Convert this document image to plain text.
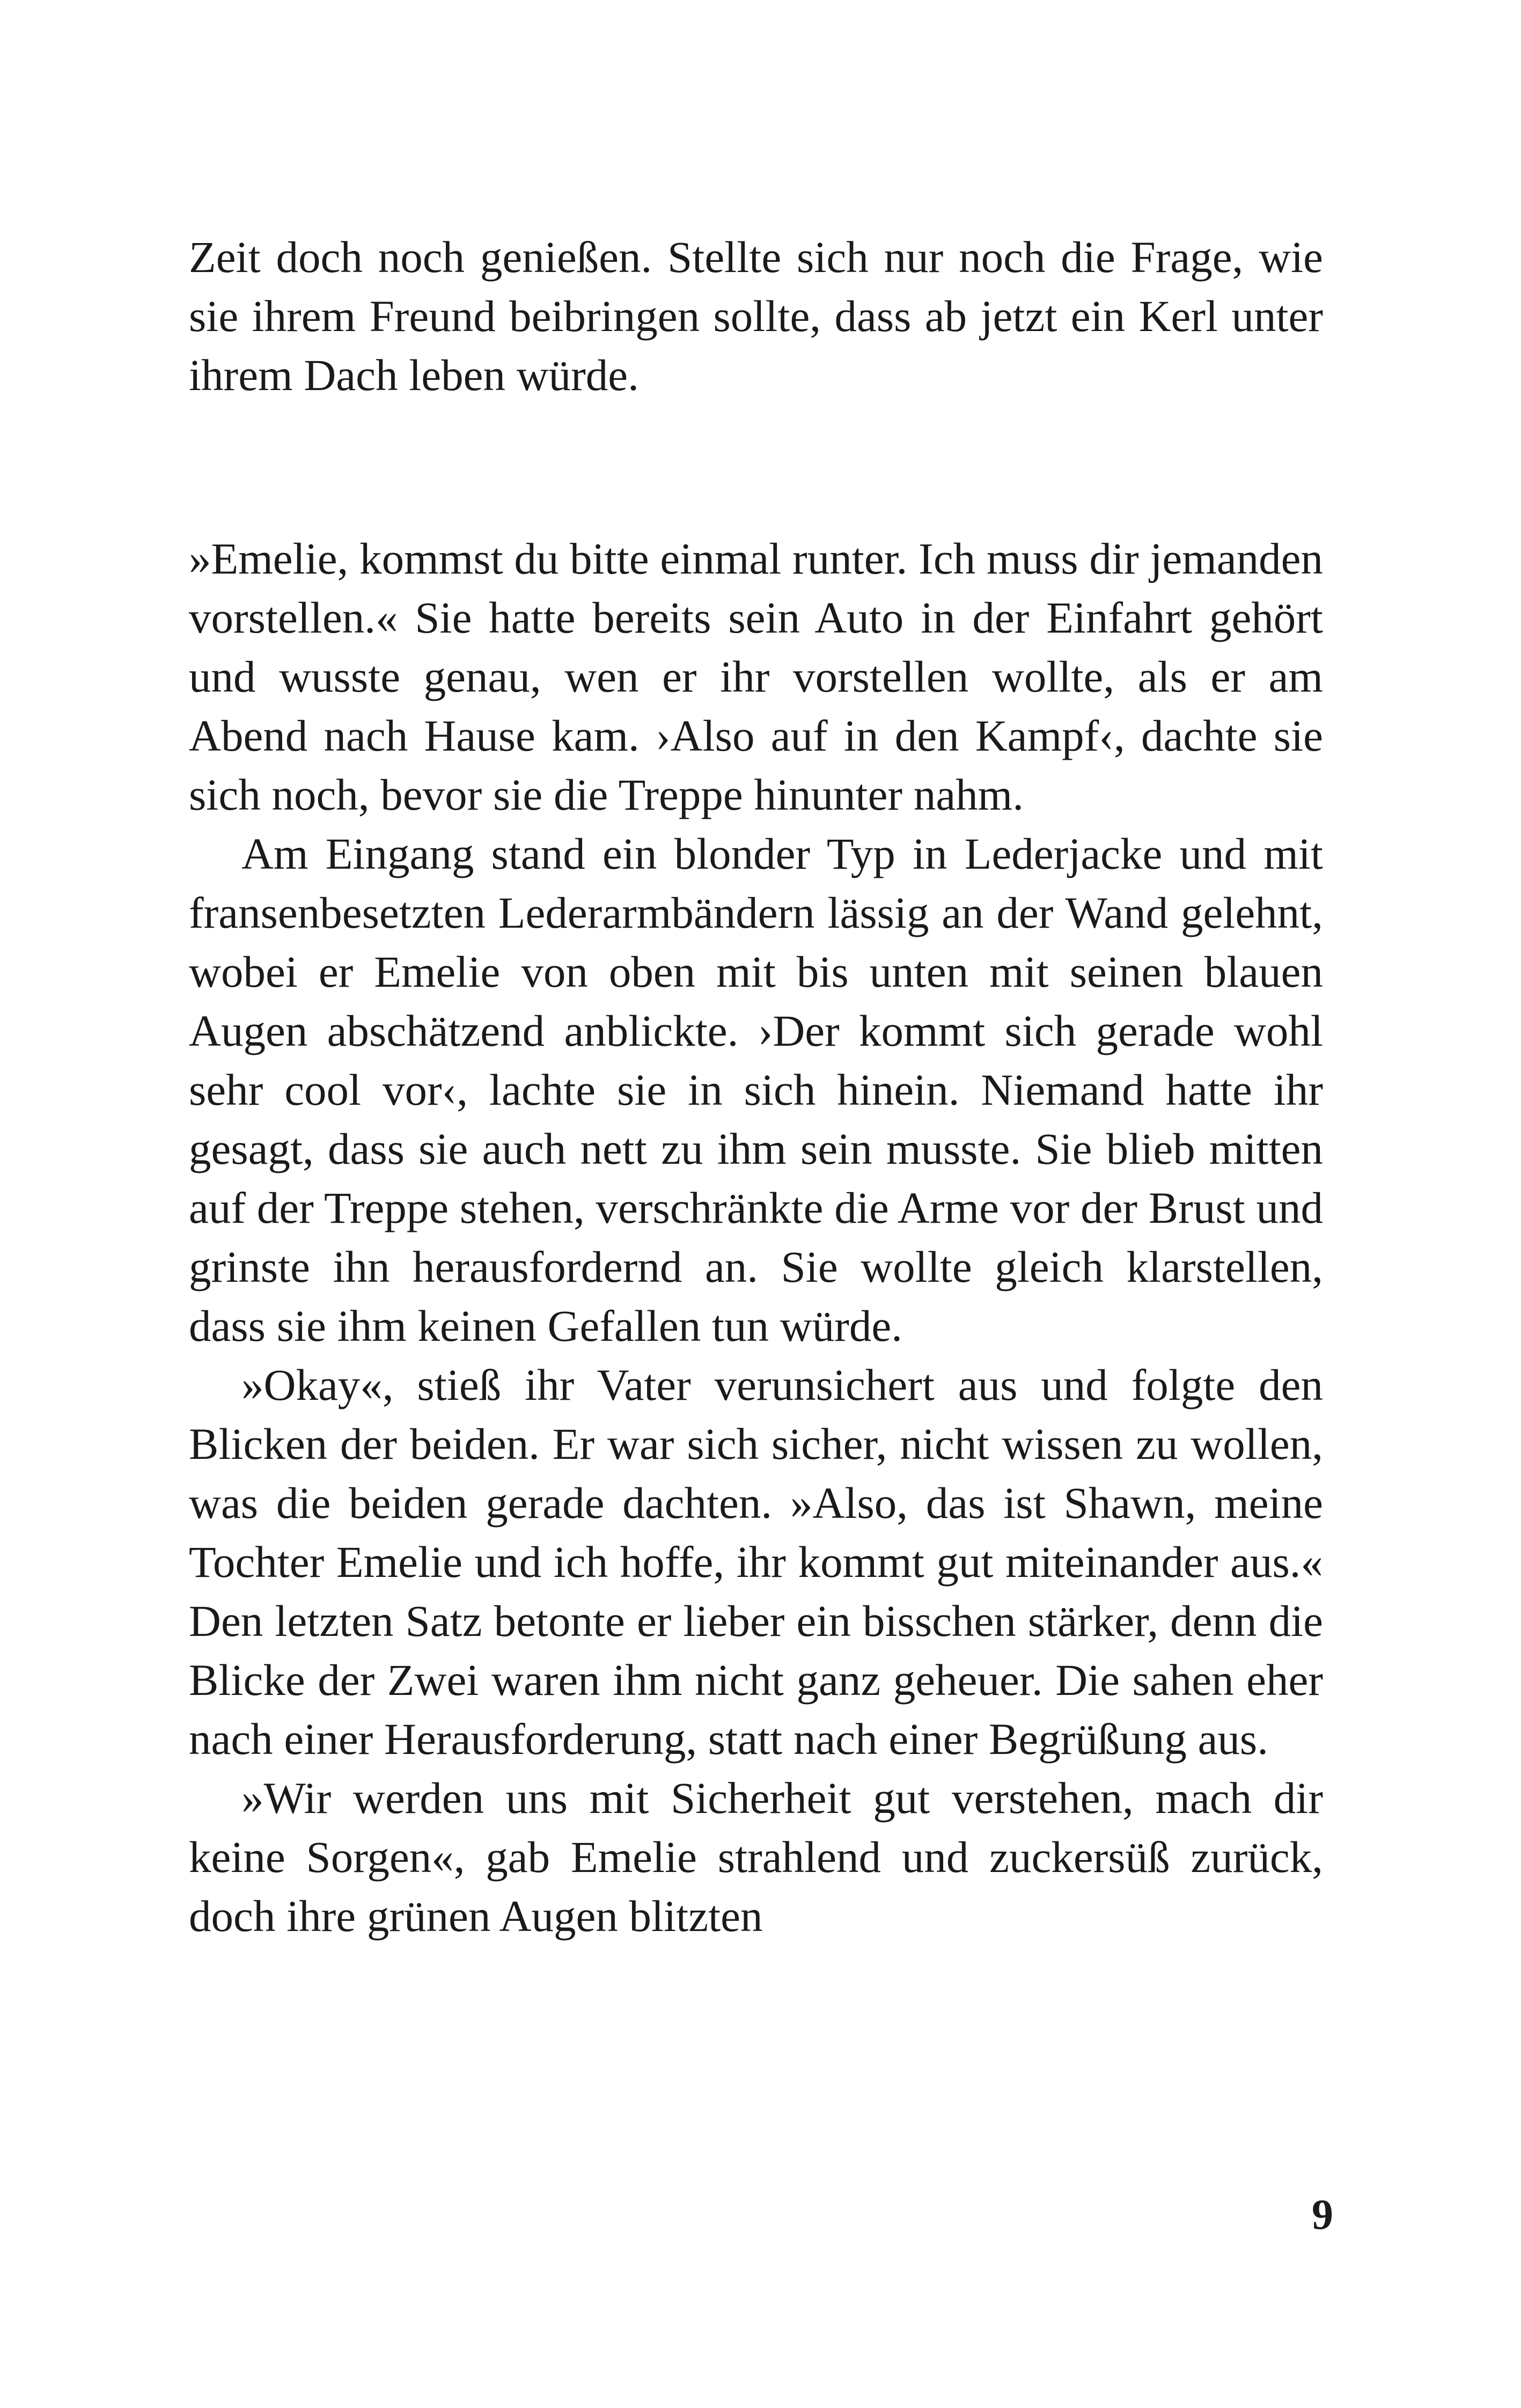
Zeit doch noch genießen. Stellte sich nur noch die Frage, wie sie ihrem Freund beibringen sollte, dass ab jetzt ein Kerl unter ihrem Dach leben würde.

»Emelie, kommst du bitte einmal runter. Ich muss dir jemanden vorstellen.« Sie hatte bereits sein Auto in der Einfahrt gehört und wusste genau, wen er ihr vorstellen wollte, als er am Abend nach Hause kam. ›Also auf in den Kampf‹, dachte sie sich noch, bevor sie die Treppe hinunter nahm.

Am Eingang stand ein blonder Typ in Lederjacke und mit fransenbesetzten Lederarmbändern lässig an der Wand gelehnt, wobei er Emelie von oben mit bis unten mit seinen blauen Augen abschätzend anblickte. ›Der kommt sich gerade wohl sehr cool vor‹, lachte sie in sich hinein. Niemand hatte ihr gesagt, dass sie auch nett zu ihm sein musste. Sie blieb mitten auf der Treppe stehen, verschränkte die Arme vor der Brust und grinste ihn herausfordernd an. Sie wollte gleich klarstellen, dass sie ihm keinen Gefallen tun würde.

»Okay«, stieß ihr Vater verunsichert aus und folgte den Blicken der beiden. Er war sich sicher, nicht wissen zu wollen, was die beiden gerade dachten. »Also, das ist Shawn, meine Tochter Emelie und ich hoffe, ihr kommt gut miteinander aus.« Den letzten Satz betonte er lieber ein bisschen stärker, denn die Blicke der Zwei waren ihm nicht ganz geheuer. Die sahen eher nach einer Herausforderung, statt nach einer Begrüßung aus.

»Wir werden uns mit Sicherheit gut verstehen, mach dir keine Sorgen«, gab Emelie strahlend und zuckersüß zurück, doch ihre grünen Augen blitzten

9
